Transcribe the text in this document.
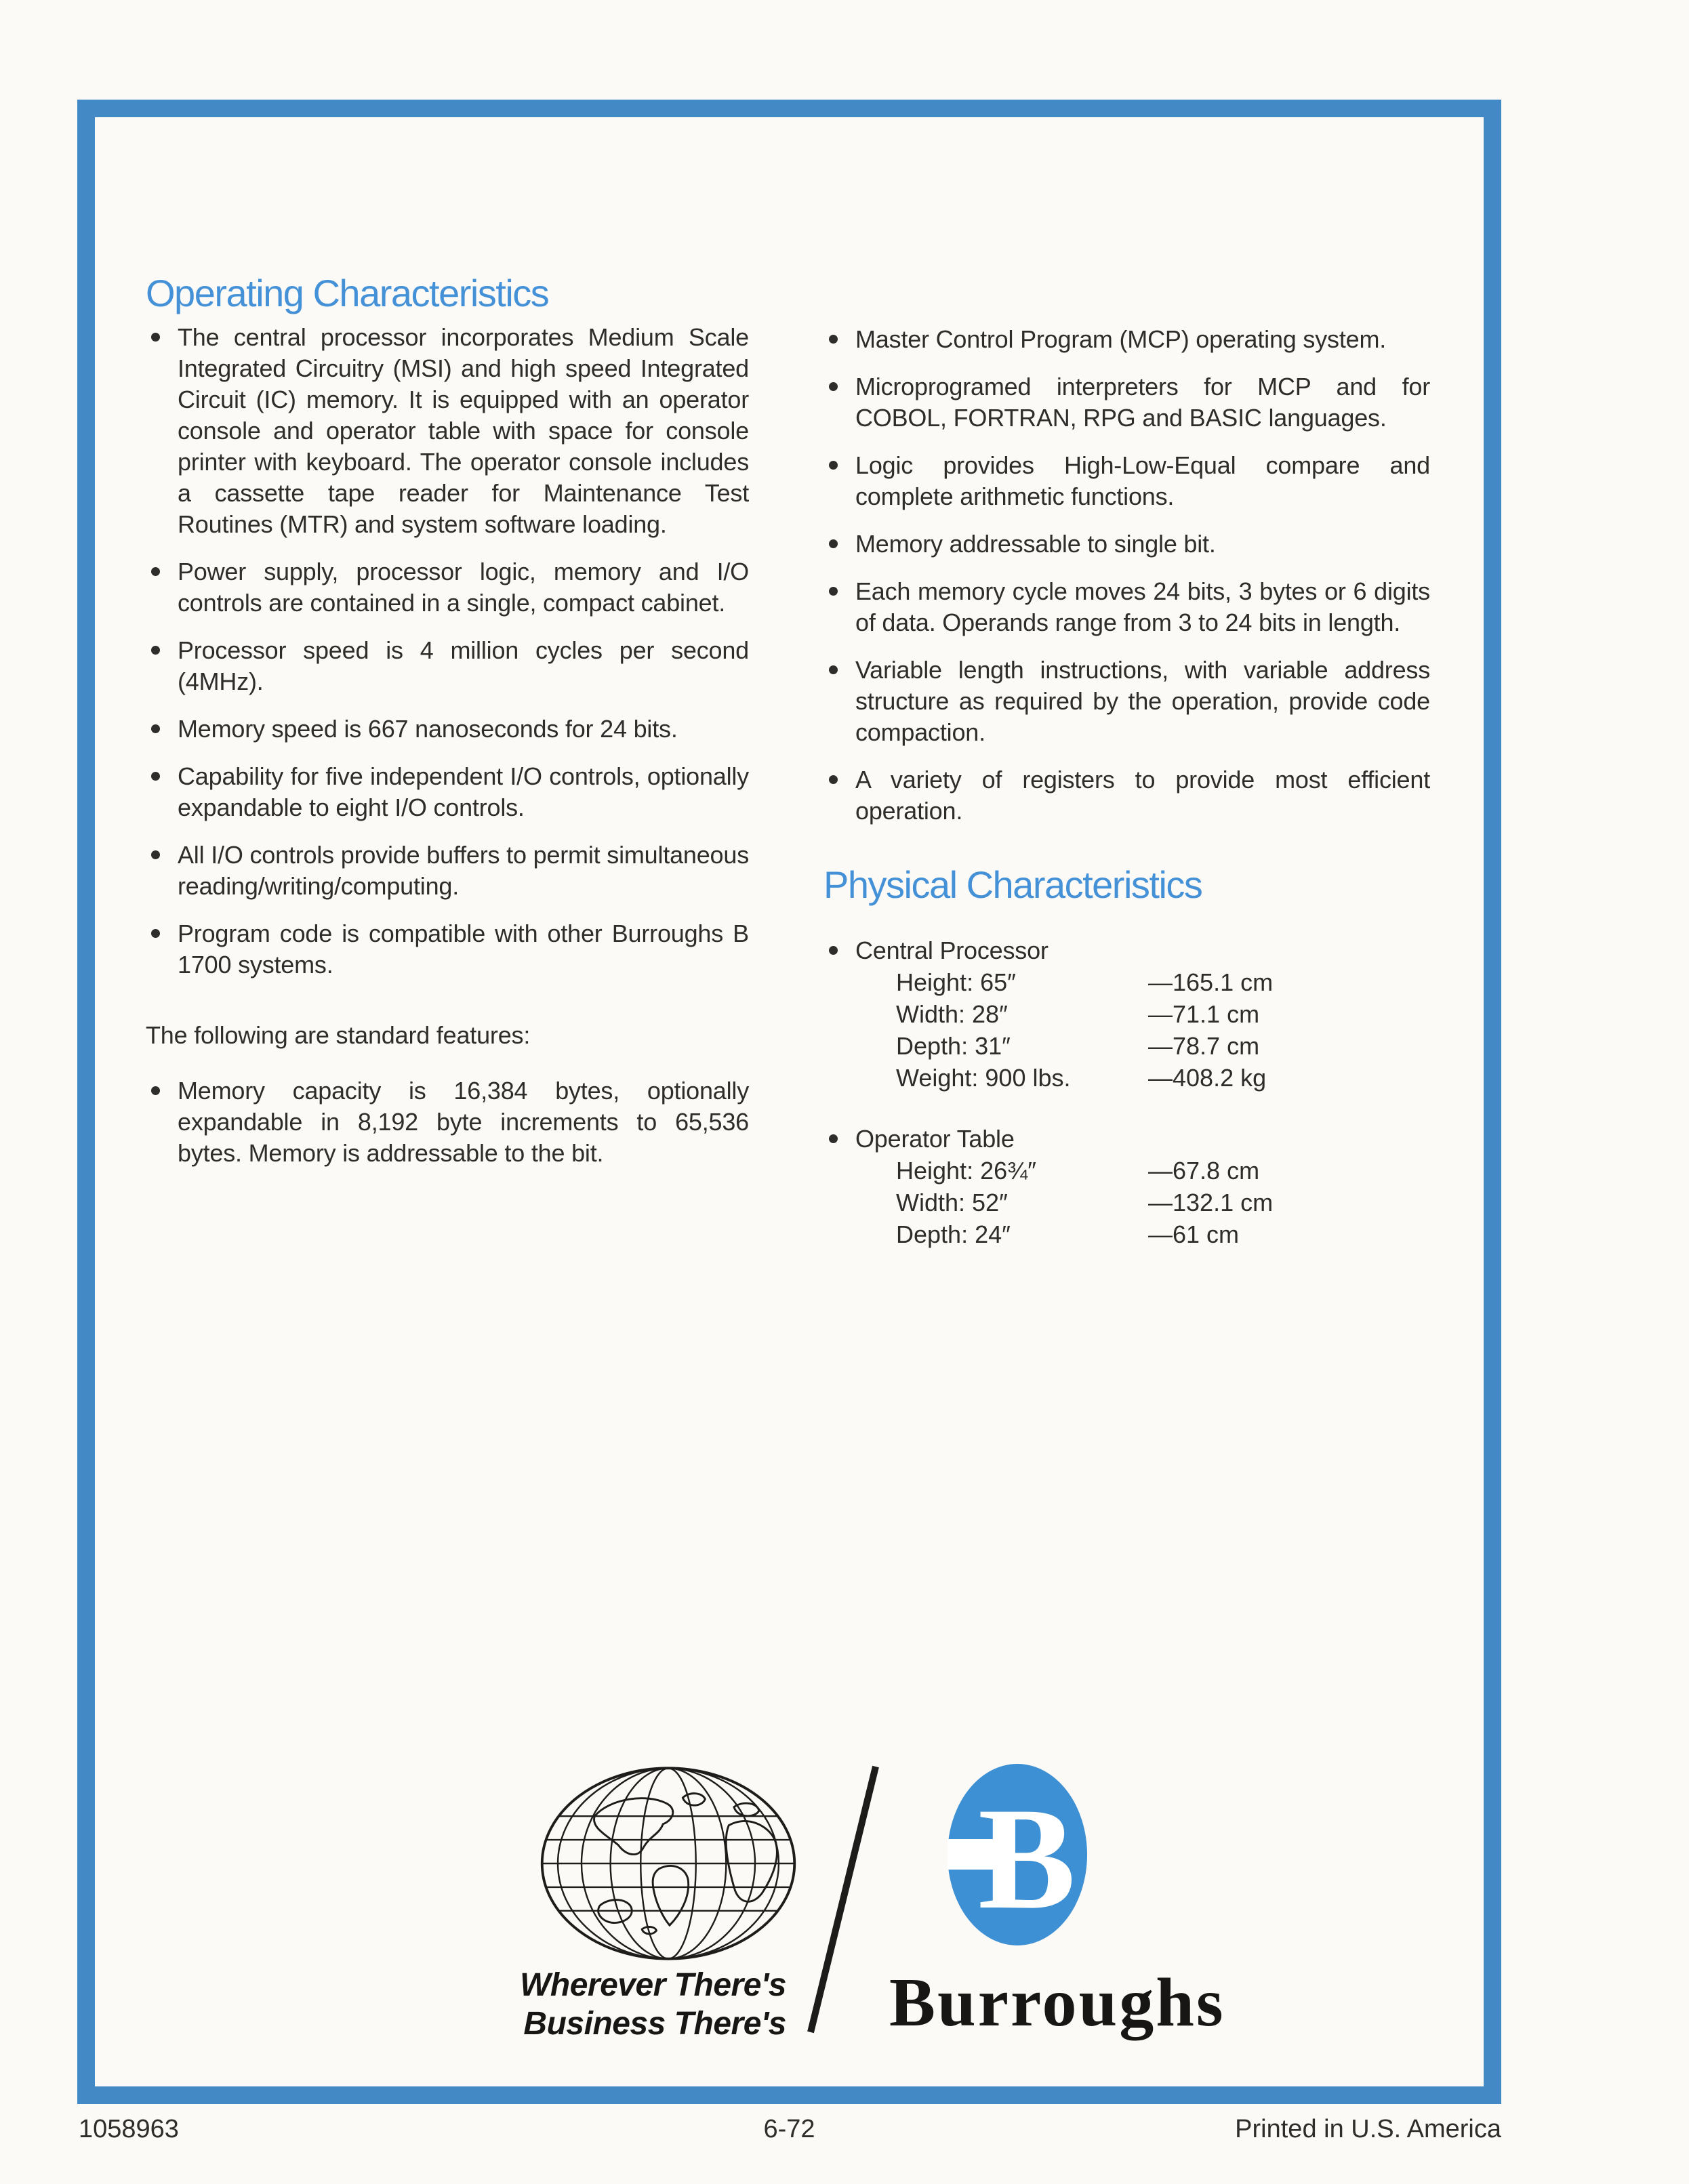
Operating Characteristics

The central processor incorporates Medium Scale Integrated Circuitry (MSI) and high speed Integrated Circuit (IC) memory. It is equipped with an operator console and operator table with space for console printer with keyboard. The operator console includes a cassette tape reader for Maintenance Test Routines (MTR) and system software loading.

Power supply, processor logic, memory and I/O controls are contained in a single, compact cabinet.

Processor speed is 4 million cycles per second (4MHz).

Memory speed is 667 nanoseconds for 24 bits.

Capability for five independent I/O controls, optionally expandable to eight I/O controls.

All I/O controls provide buffers to permit simultaneous reading/writing/computing.

Program code is compatible with other Burroughs B 1700 systems.

The following are standard features:

Memory capacity is 16,384 bytes, optionally expandable in 8,192 byte increments to 65,536 bytes. Memory is addressable to the bit.

Master Control Program (MCP) operating system.

Microprogramed interpreters for MCP and for COBOL, FORTRAN, RPG and BASIC languages.

Logic provides High-Low-Equal compare and complete arithmetic functions.

Memory addressable to single bit.

Each memory cycle moves 24 bits, 3 bytes or 6 digits of data. Operands range from 3 to 24 bits in length.

Variable length instructions, with variable address structure as required by the operation, provide code compaction.

A variety of registers to provide most efficient operation.

Physical Characteristics

Central Processor

Height: 65″	—165.1 cm
Width: 28″	—71.1 cm
Depth: 31″	—78.7 cm
Weight: 900 lbs.	—408.2 kg

Operator Table

Height: 26¾″	—67.8 cm
Width: 52″	—132.1 cm
Depth: 24″	—61 cm
Wherever There's
Business There's
B
Burroughs
1058963	6-72	Printed in U.S. America
